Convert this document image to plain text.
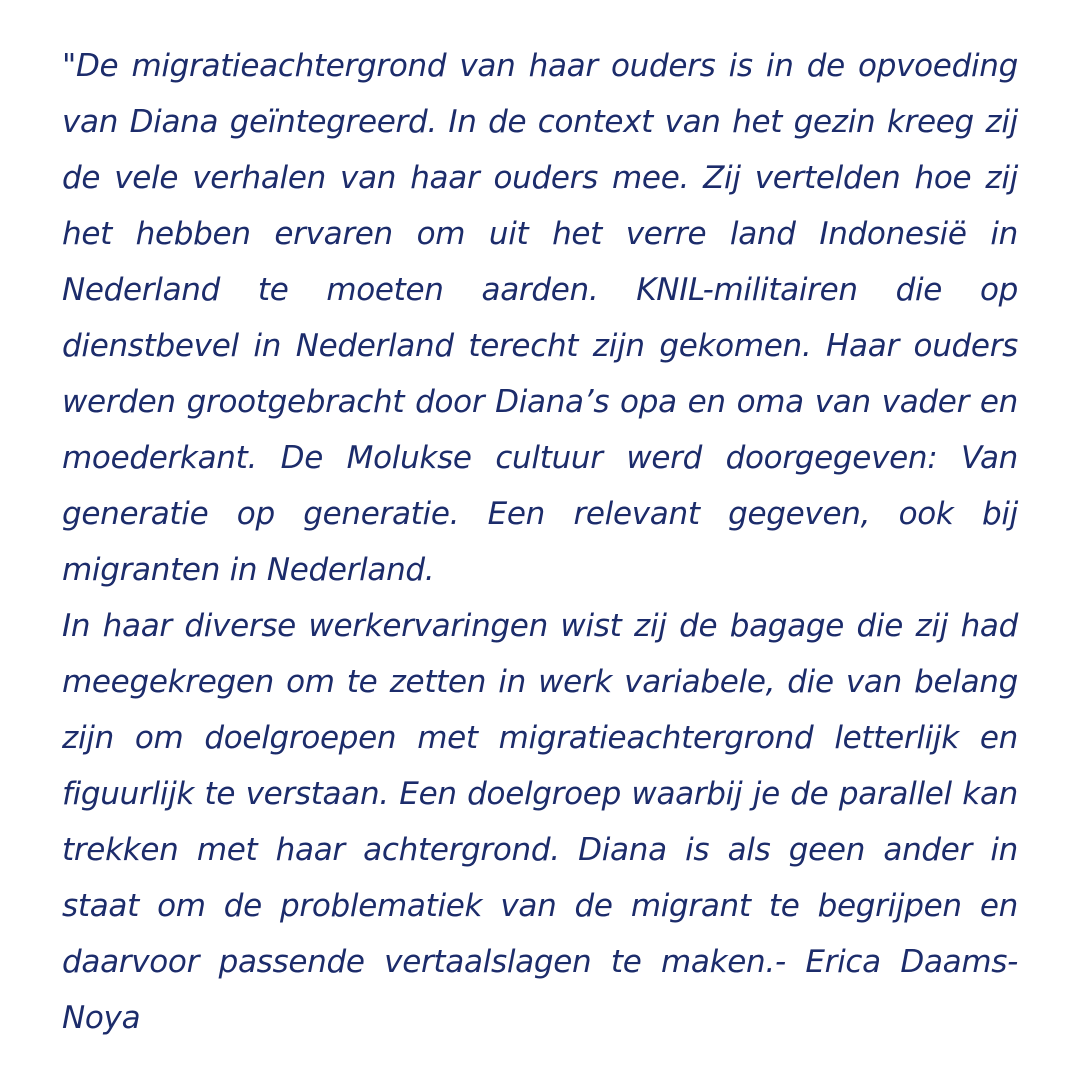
"De migratieachtergrond van haar ouders is in de opvoeding van Diana geïntegreerd. In de context van het gezin kreeg zij de vele verhalen van haar ouders mee. Zij vertelden hoe zij het hebben ervaren om uit het verre land Indonesië in Nederland te moeten aarden. KNIL-militairen die op dienstbevel in Nederland terecht zijn gekomen. Haar ouders werden grootgebracht door Diana’s opa en oma van vader en moederkant. De Molukse cultuur werd doorgegeven: Van generatie op generatie. Een relevant gegeven, ook bij migranten in Nederland.

In haar diverse werkervaringen wist zij de bagage die zij had meegekregen om te zetten in werk variabele, die van belang zijn om doelgroepen met migratieachtergrond letterlijk en figuurlijk te verstaan. Een doelgroep waarbij je de parallel kan trekken met haar achtergrond. Diana is als geen ander in staat om de problematiek van de migrant te begrijpen en daarvoor passende vertaalslagen te maken.- Erica Daams-Noya
